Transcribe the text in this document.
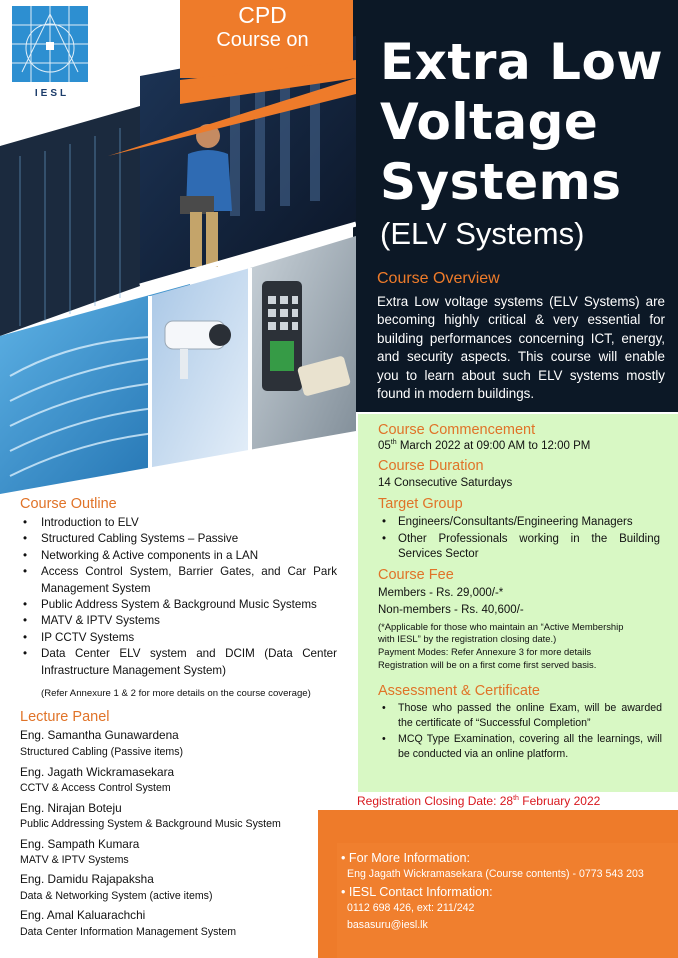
CPD
Course on
IESL
Extra Low
Voltage
Systems
(ELV Systems)
Course Overview
Extra Low voltage systems (ELV Systems) are becoming highly critical & very essential for building performances concerning ICT, energy, and security aspects. This course will enable you to learn about such ELV systems mostly found in modern buildings.
Course Commencement
05th March 2022 at 09:00 AM to 12:00 PM
Course Duration
14 Consecutive Saturdays
Target Group
• Engineers/Consultants/Engineering Managers
• Other Professionals working in the Building Services Sector
Course Fee
Members - Rs. 29,000/-*
Non-members - Rs. 40,600/-
(*Applicable for those who maintain an “Active Membership
with IESL” by the registration closing date.)
Payment Modes: Refer Annexure 3 for more details
Registration will be on a first come first served basis.
Assessment & Certificate
• Those who passed the online Exam, will be awarded the certificate of “Successful Completion”
• MCQ Type Examination, covering all the learnings, will be conducted via an online platform.
Course Outline
• Introduction to ELV
• Structured Cabling Systems – Passive
• Networking & Active components in a LAN
• Access Control System, Barrier Gates, and Car Park Management System
• Public Address System & Background Music Systems
• MATV & IPTV Systems
• IP CCTV Systems
• Data Center ELV system and DCIM (Data Center Infrastructure Management System)
(Refer Annexure 1 & 2 for more details on the course coverage)
Lecture Panel
Eng. Samantha Gunawardena
Structured Cabling (Passive items)
Eng. Jagath Wickramasekara
CCTV & Access Control System
Eng. Nirajan Boteju
Public Addressing System & Background Music System
Eng. Sampath Kumara
MATV & IPTV Systems
Eng. Damidu Rajapaksha
Data & Networking System (active items)
Eng. Amal Kaluarachchi
Data Center Information Management System
Registration Closing Date: 28th February 2022
• For More Information:
Eng Jagath Wickramasekara (Course contents) - 0773 543 203
• IESL Contact Information:
0112 698 426, ext: 211/242
basasuru@iesl.lk
